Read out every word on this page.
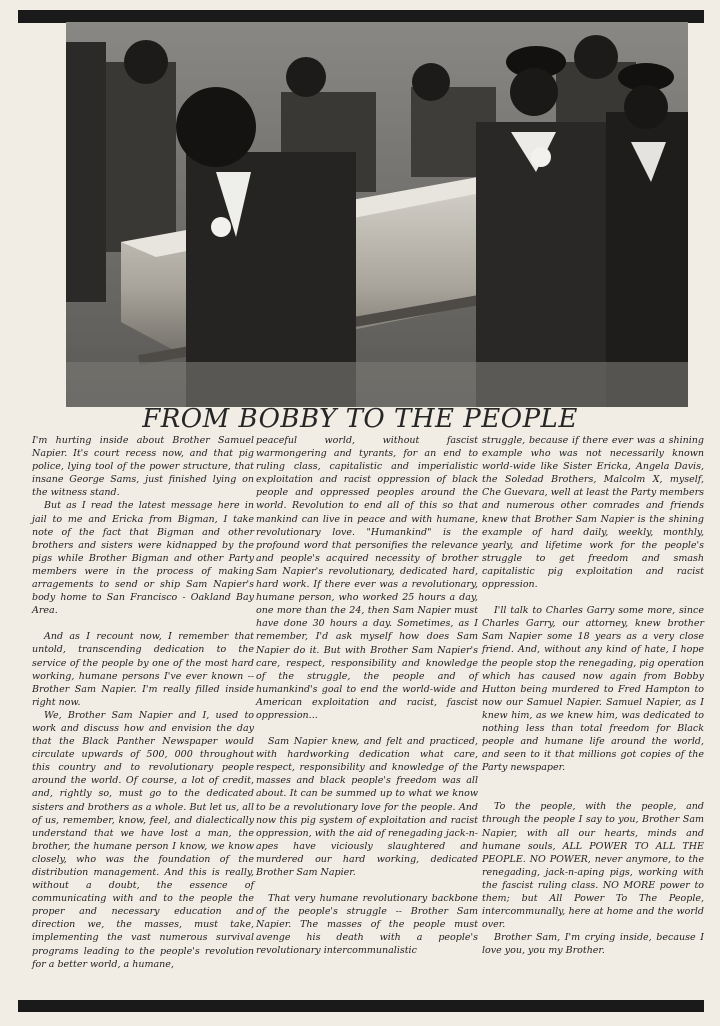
FROM BOBBY TO THE PEOPLE

I'm hurting inside about Brother Samuel Napier. It's court recess now, and that pig police, lying tool of the power structure, that insane George Sams, just finished lying on the witness stand.

But as I read the latest message here in jail to me and Ericka from Bigman, I take note of the fact that Bigman and other brothers and sisters were kidnapped by the pigs while Brother Bigman and other Party members were in the process of making arragements to send or ship Sam Napier's body home to San Francisco - Oakland Bay Area.

And as I recount now, I remember that untold, transcending dedication to the service of the people by one of the most hard working, humane persons I've ever known -- Brother Sam Napier. I'm really filled inside right now.

We, Brother Sam Napier and I, used to work and discuss how and envision the day that the Black Panther Newspaper would circulate upwards of 500, 000 throughout this country and to revolutionary people around the world. Of course, a lot of credit, and, rightly so, must go to the dedicated sisters and brothers as a whole. But let us, all of us, remember, know, feel, and dialectically understand that we have lost a man, the brother, the humane person I know, we know closely, who was the foundation of the distribution management. And this is really, without a doubt, the essence of communicating with and to the people the proper and necessary education and direction we, the masses, must take, implementing the vast numerous survival programs leading to the people's revolution for a better world, a humane,

peaceful world, without fascist warmongering and tyrants, for an end to ruling class, capitalistic and imperialistic exploitation and racist oppression of black people and oppressed peoples around the world. Revolution to end all of this so that mankind can live in peace and with humane, revolutionary love. "Humankind" is the profound word that personifies the relevance and people's acquired necessity of brother Sam Napier's revolutionary, dedicated hard, hard work. If there ever was a revolutionary, humane person, who worked 25 hours a day, one more than the 24, then Sam Napier must have done 30 hours a day. Sometimes, as I remember, I'd ask myself how does Sam Napier do it. But with Brother Sam Napier's care, respect, responsibility and knowledge of the struggle, the people and of humankind's goal to end the world-wide and American exploitation and racist, fascist oppression...

Sam Napier knew, and felt and practiced, with hardworking dedication what care, respect, responsibility and knowledge of the masses and black people's freedom was all about. It can be summed up to what we know to be a revolutionary love for the people. And now this pig system of exploitation and racist oppression, with the aid of renegading jack-n-apes have viciously slaughtered and murdered our hard working, dedicated Brother Sam Napier.

That very humane revolutionary backbone of the people's struggle -- Brother Sam Napier. The masses of the people must avenge his death with a people's revolutionary intercommunalistic

struggle, because if there ever was a shining example who was not necessarily known world-wide like Sister Ericka, Angela Davis, the Soledad Brothers, Malcolm X, myself, Che Guevara, well at least the Party members and numerous other comrades and friends knew that Brother Sam Napier is the shining example of hard daily, weekly, monthly, yearly, and lifetime work for the people's struggle to get freedom and smash capitalistic pig exploitation and racist oppression.

I'll talk to Charles Garry some more, since Charles Garry, our attorney, knew brother Sam Napier some 18 years as a very close friend. And, without any kind of hate, I hope the people stop the renegading, pig operation which has caused now again from Bobby Hutton being murdered to Fred Hampton to now our Samuel Napier. Samuel Napier, as I knew him, as we knew him, was dedicated to nothing less than total freedom for Black people and humane life around the world, and seen to it that millions got copies of the Party newspaper.

To the people, with the people, and through the people I say to you, Brother Sam Napier, with all our hearts, minds and humane souls, ALL POWER TO ALL THE PEOPLE. NO POWER, never anymore, to the renegading, jack-n-aping pigs, working with the fascist ruling class. NO MORE power to them; but All Power To The People, intercommunally, here at home and the world over.

Brother Sam, I'm crying inside, because I love you, you my Brother.
